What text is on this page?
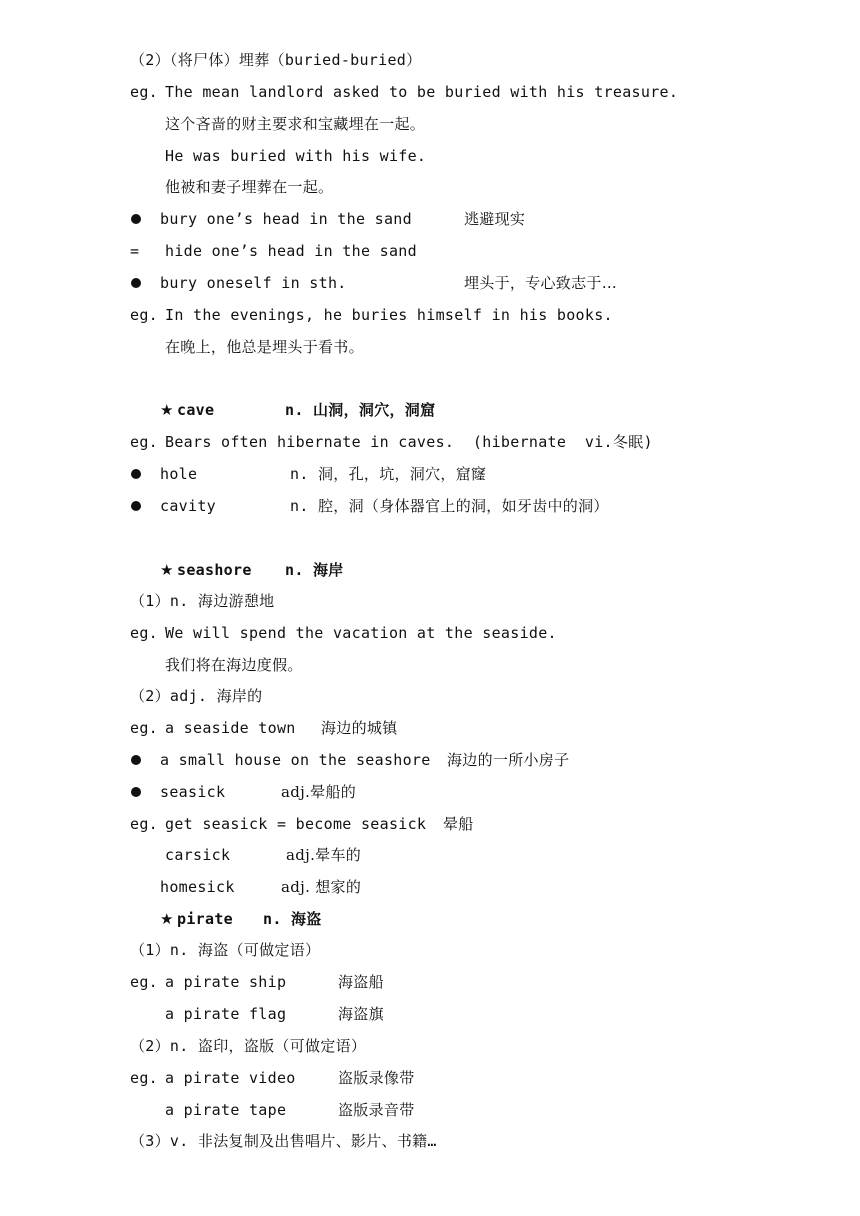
（2）（将尸体）埋葬（buried-buried）
eg. The mean landlord asked to be buried with his treasure.
这个吝啬的财主要求和宝藏埋在一起。
He was buried with his wife.
他被和妻子埋葬在一起。
bury one’s head in the sand	逃避现实
= hide one’s head in the sand
bury oneself in sth.	埋头于，专心致志于…
eg. In the evenings, he buries himself in his books.
在晚上，他总是埋头于看书。
★ cave	n. 山洞，洞穴，洞窟
eg. Bears often hibernate in caves.  (hibernate  vi.冬眠)
hole	n. 洞，孔，坑，洞穴，窟窿
cavity	n. 腔，洞（身体器官上的洞，如牙齿中的洞）
★ seashore n. 海岸
（1）n. 海边游憩地
eg. We will spend the vacation at the seaside.
我们将在海边度假。
（2）adj. 海岸的
eg. a seaside town 海边的城镇
a small house on the seashore 海边的一所小房子
seasick	adj.晕船的
eg. get seasick = become seasick 晕船
carsick	adj.晕车的
homesick	adj. 想家的
★ pirate n. 海盗
（1）n. 海盗（可做定语）
eg. a pirate ship	海盗船
a pirate flag	海盗旗
（2）n. 盗印，盗版（可做定语）
eg. a pirate video	盗版录像带
a pirate tape	盗版录音带
（3）v. 非法复制及出售唱片、影片、书籍…
